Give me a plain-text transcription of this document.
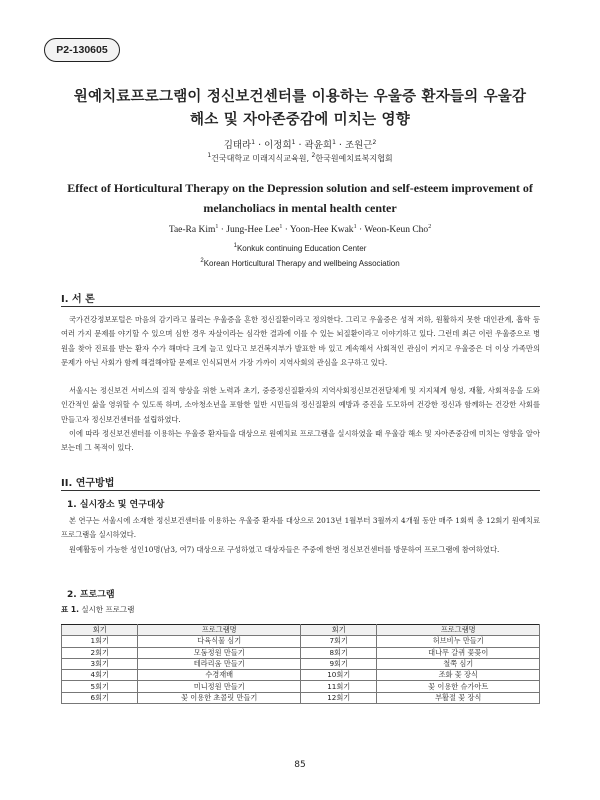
P2-130605
원예치료프로그램이 정신보건센터를 이용하는 우울증 환자들의 우울감
해소 및 자아존중감에 미치는 영향
김태라$^1$ · 이정희$^1$ · 곽윤희$^1$ · 조원근$^2$
$^1$건국대학교 미래지식교육원, $^2$한국원예치료복지협회
Effect of Horticultural Therapy on the Depression solution and self-esteem improvement of
melancholiacs in mental health center
Tae-Ra Kim$^1$ · Jung-Hee Lee$^1$ · Yoon-Hee Kwak$^1$ · Weon-Keun Cho$^2$
$^1$Konkuk continuing Education Center
$^2$Korean Horticultural Therapy and wellbeing Association
I. 서 론

국가건강정보포털은 마음의 감기라고 불리는 우울증을 흔한 정신질환이라고 정의한다. 그리고 우울증은 성적 저하, 원활하지 못한 대인관계, 흡학 등 여러 가지 문제를 야기할 수 있으며 심한 경우 자살이라는 심각한 결과에 이를 수 있는 뇌질환이라고 이야기하고 있다. 그런데 최근 이런 우울증으로 병원을 찾아 진료를 받는 환자 수가 해마다 크게 늘고 있다고 보건복지부가 발표한 바 있고 계속해서 사회적인 관심이 커지고 우울증은 더 이상 가족만의 문제가 아닌 사회가 함께 해결해야할 문제로 인식되면서 가장 가까이 지역사회의 관심을 요구하고 있다.

서울시는 정신보건 서비스의 질적 향상을 위한 노력과 초기, 중증정신질환자의 지역사회정신보건전달체계 및 지지체계 형성, 재활, 사회적응을 도와 인간적인 삶을 영위할 수 있도록 하며, 소아청소년을 포함한 일반 시민들의 정신질환의 예방과 증진을 도모하여 건강한 정신과 함께하는 건강한 사회를 만들고자 정신보건센터를 설립하였다.

이에 따라 정신보건센터를 이용하는 우울증 환자들을 대상으로 원예치료 프로그램을 실시하였을 때 우울감 해소 및 자아존중감에 미치는 영향을 알아보는데 그 목적이 있다.

II. 연구방법
1. 실시장소 및 연구대상

본 연구는 서울시에 소재한 정신보건센터를 이용하는 우울증 환자를 대상으로 2013년 1월부터 3월까지 4개월 동안 매주 1회씩 총 12회기 원예치료 프로그램을 실시하였다.

원예활동이 가능한 성인10명(남3, 여7) 대상으로 구성하였고 대상자들은 주중에 한번 정신보건센터를 방문하여 프로그램에 참여하였다.

2. 프로그램
표 1. 실시한 프로그램
회기	프로그램명	회기	프로그램명
1회기	다육식물 심기	7회기	허브비누 만들기
2회기	모둠정원 만들기	8회기	대나무 갈퀴 꽃꽂이
3회기	테라리움 만들기	9회기	철쭉 심기
4회기	수경재배	10회기	조화 꽃 장식
5회기	미니정원 만들기	11회기	꽃 이용한 슈가아트
6회기	꽃 이용한 초콜릿 만들기	12회기	부활절 꽃 장식
85
